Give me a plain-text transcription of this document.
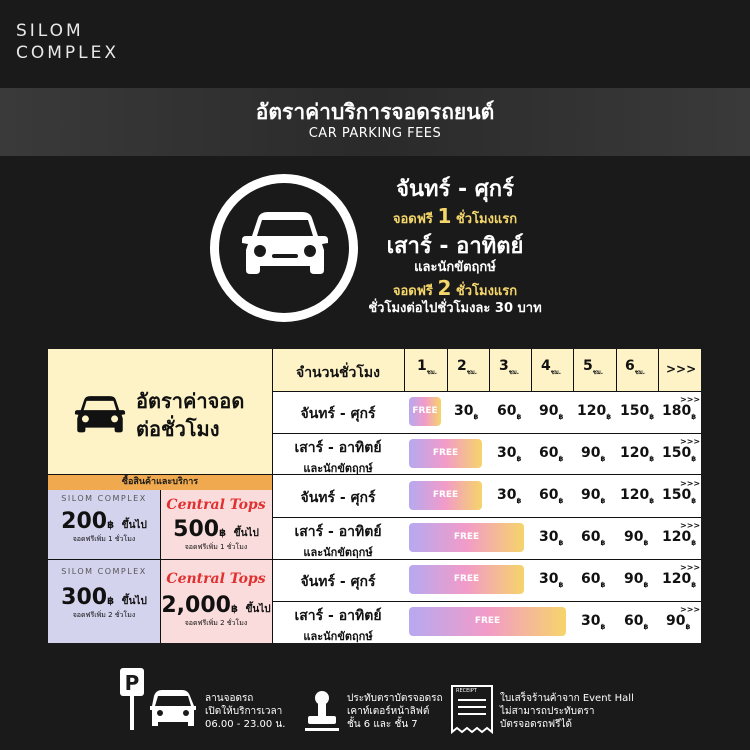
SILOM
COMPLEX
อัตราค่าบริการจอดรถยนต์
CAR PARKING FEES
จันทร์ - ศุกร์
จอดฟรี 1 ชั่วโมงแรก
เสาร์ - อาทิตย์
และนักขัตฤกษ์
จอดฟรี 2 ชั่วโมงแรก
ชั่วโมงต่อไปชั่วโมงละ 30 บาท
อัตราค่าจอด
ต่อชั่วโมง
ซื้อสินค้าและบริการ
SILOM COMPLEX
200฿ ขึ้นไป
จอดฟรีเพิ่ม 1 ชั่วโมง
Central Tops
500฿ ขึ้นไป
จอดฟรีเพิ่ม 1 ชั่วโมง
SILOM COMPLEX
300฿ ขึ้นไป
จอดฟรีเพิ่ม 2 ชั่วโมง
Central Tops
2,000฿ ขึ้นไป
จอดฟรีเพิ่ม 2 ชั่วโมง
จำนวนชั่วโมง	$1_{ชม.}$ $2_{ชม.}$ $3_{ชม.}$ $4_{ชม.}$ $5_{ชม.}$ $6_{ชม.}$ >>>
จันทร์ - ศุกร์
เสาร์ - อาทิตย์
และนักขัตฤกษ์
จันทร์ - ศุกร์
เสาร์ - อาทิตย์
และนักขัตฤกษ์
จันทร์ - ศุกร์
เสาร์ - อาทิตย์
และนักขัตฤกษ์
FREE
FREE
FREE
FREE
FREE
FREE
$30_฿$ $60_฿$ $90_฿$ $120_฿$ $150_฿$ $180_฿$
>>>
$30_฿$ $60_฿$ $90_฿$ $120_฿$ $150_฿$
>>>
$30_฿$ $60_฿$ $90_฿$ $120_฿$ $150_฿$
>>>
$30_฿$ $60_฿$ $90_฿$ $120_฿$
>>>
$30_฿$ $60_฿$ $90_฿$ $120_฿$
>>>
$30_฿$ $60_฿$ $90_฿$
>>>
P
ลานจอดรถ
เปิดให้บริการเวลา
06.00 - 23.00 น.
ประทับตราบัตรจอดรถ
เคาท์เตอร์หน้าลิฟต์
ชั้น 6 และ ชั้น 7
RECEIPT
ใบเสร็จร้านค้าจาก Event Hall
ไม่สามารถประทับตรา
บัตรจอดรถฟรีได้
